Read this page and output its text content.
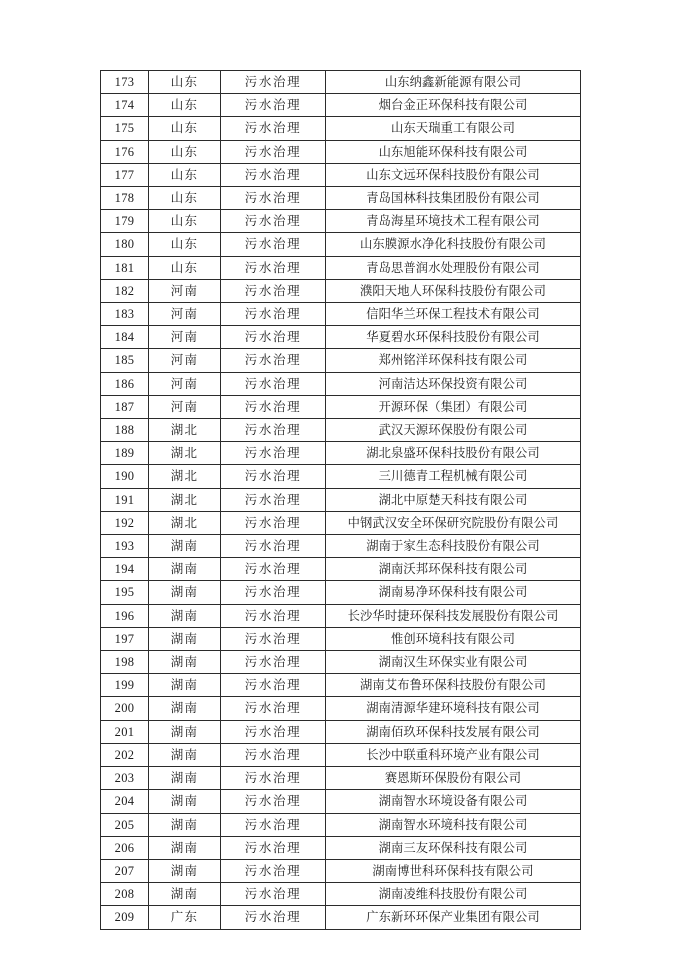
173	山东	污水治理	山东纳鑫新能源有限公司
174	山东	污水治理	烟台金正环保科技有限公司
175	山东	污水治理	山东天瑞重工有限公司
176	山东	污水治理	山东旭能环保科技有限公司
177	山东	污水治理	山东文远环保科技股份有限公司
178	山东	污水治理	青岛国林科技集团股份有限公司
179	山东	污水治理	青岛海星环境技术工程有限公司
180	山东	污水治理	山东膜源水净化科技股份有限公司
181	山东	污水治理	青岛思普润水处理股份有限公司
182	河南	污水治理	濮阳天地人环保科技股份有限公司
183	河南	污水治理	信阳华兰环保工程技术有限公司
184	河南	污水治理	华夏碧水环保科技股份有限公司
185	河南	污水治理	郑州铭洋环保科技有限公司
186	河南	污水治理	河南洁达环保投资有限公司
187	河南	污水治理	开源环保（集团）有限公司
188	湖北	污水治理	武汉天源环保股份有限公司
189	湖北	污水治理	湖北泉盛环保科技股份有限公司
190	湖北	污水治理	三川德青工程机械有限公司
191	湖北	污水治理	湖北中原楚天科技有限公司
192	湖北	污水治理	中钢武汉安全环保研究院股份有限公司
193	湖南	污水治理	湖南于家生态科技股份有限公司
194	湖南	污水治理	湖南沃邦环保科技有限公司
195	湖南	污水治理	湖南易净环保科技有限公司
196	湖南	污水治理	长沙华时捷环保科技发展股份有限公司
197	湖南	污水治理	惟创环境科技有限公司
198	湖南	污水治理	湖南汉生环保实业有限公司
199	湖南	污水治理	湖南艾布鲁环保科技股份有限公司
200	湖南	污水治理	湖南清源华建环境科技有限公司
201	湖南	污水治理	湖南佰玖环保科技发展有限公司
202	湖南	污水治理	长沙中联重科环境产业有限公司
203	湖南	污水治理	赛恩斯环保股份有限公司
204	湖南	污水治理	湖南智水环境设备有限公司
205	湖南	污水治理	湖南智水环境科技有限公司
206	湖南	污水治理	湖南三友环保科技有限公司
207	湖南	污水治理	湖南博世科环保科技有限公司
208	湖南	污水治理	湖南凌维科技股份有限公司
209	广东	污水治理	广东新环环保产业集团有限公司
